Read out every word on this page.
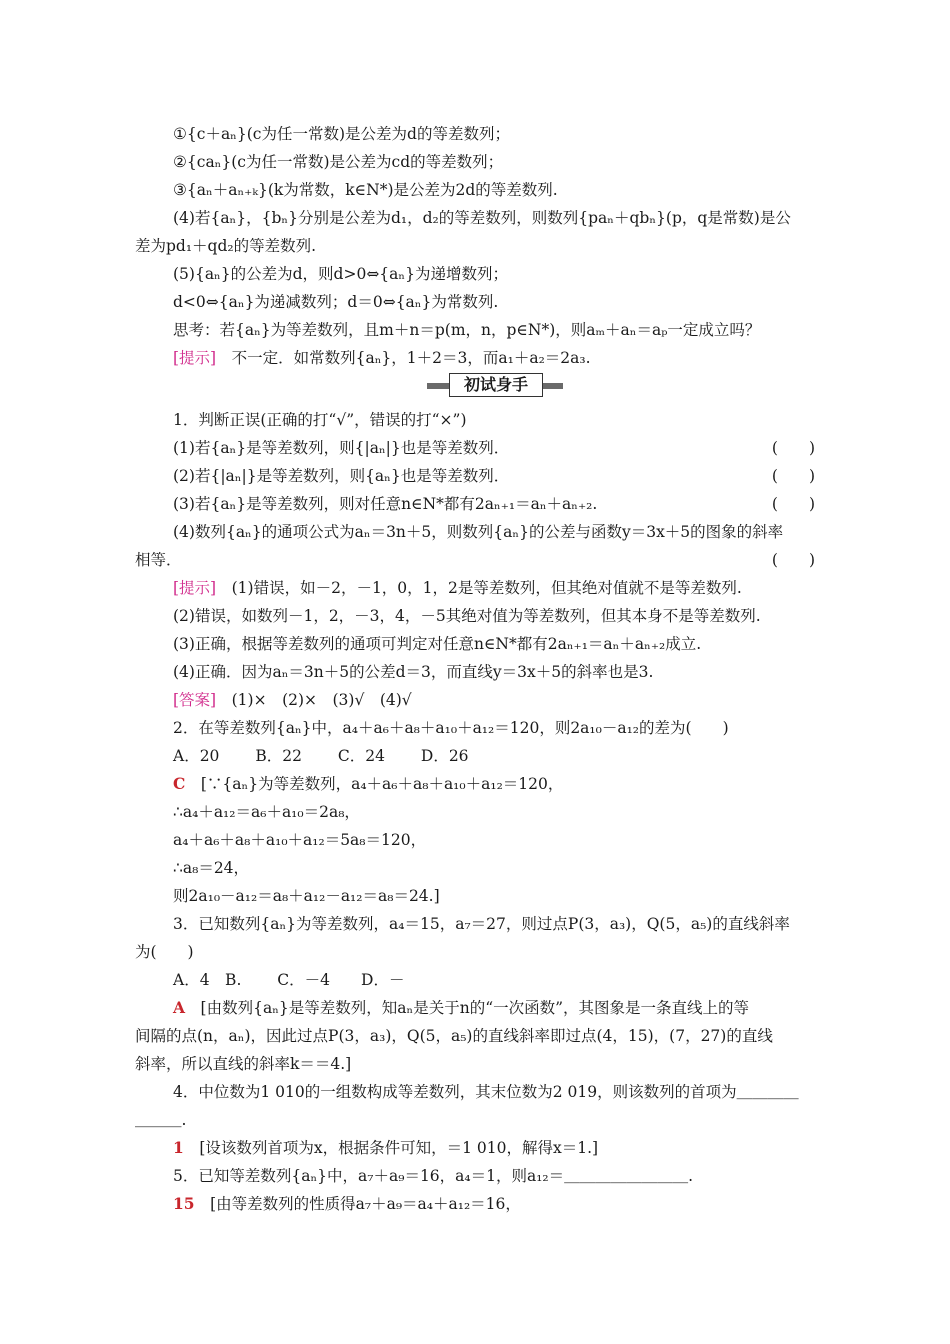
①{c＋aₙ}(c为任一常数)是公差为d的等差数列；
②{caₙ}(c为任一常数)是公差为cd的等差数列；
③{aₙ＋aₙ₊ₖ}(k为常数，k∈N*)是公差为2d的等差数列.
(4)若{aₙ}，{bₙ}分别是公差为d₁，d₂的等差数列，则数列{paₙ＋qbₙ}(p，q是常数)是公
差为pd₁＋qd₂的等差数列.
(5){aₙ}的公差为d，则d>0⇔{aₙ}为递增数列；
d<0⇔{aₙ}为递减数列；d＝0⇔{aₙ}为常数列.
思考：若{aₙ}为等差数列，且m＋n＝p(m，n，p∈N*)，则aₘ＋aₙ＝aₚ一定成立吗？
[提示]　 不一定．如常数列{aₙ}，1＋2＝3，而a₁＋a₂＝2a₃.
初试身手
1．判断正误(正确的打“√”，错误的打“×”)
(1)若{aₙ}是等差数列，则{|aₙ|}也是等差数列．	(　　)
(2)若{|aₙ|}是等差数列，则{aₙ}也是等差数列．	(　　)
(3)若{aₙ}是等差数列，则对任意n∈N*都有2aₙ₊₁＝aₙ＋aₙ₊₂.	(　　)
(4)数列{aₙ}的通项公式为aₙ＝3n＋5，则数列{aₙ}的公差与函数y＝3x＋5的图象的斜率
相等．	(　　)
[提示]　 (1)错误，如－2，－1，0，1，2是等差数列，但其绝对值就不是等差数列.
(2)错误，如数列－1，2，－3，4，－5其绝对值为等差数列，但其本身不是等差数列.
(3)正确，根据等差数列的通项可判定对任意n∈N*都有2aₙ₊₁＝aₙ＋aₙ₊₂成立.
(4)正确．因为aₙ＝3n＋5的公差d＝3，而直线y＝3x＋5的斜率也是3.
[答案]　 (1)×　(2)×　(3)√　(4)√
2．在等差数列{aₙ}中，a₄＋a₆＋a₈＋a₁₀＋a₁₂＝120，则2a₁₀－a₁₂的差为(　　)
A．20　　 B．22　　 C．24　　 D．26
C　 [∵{aₙ}为等差数列，a₄＋a₆＋a₈＋a₁₀＋a₁₂＝120，
∴a₄＋a₁₂＝a₆＋a₁₀＝2a₈，
a₄＋a₆＋a₈＋a₁₀＋a₁₂＝5a₈＝120，
∴a₈＝24，
则2a₁₀－a₁₂＝a₈＋a₁₂－a₁₂＝a₈＝24.]
3．已知数列{aₙ}为等差数列，a₄＝15，a₇＝27，则过点P(3，a₃)，Q(5，a₅)的直线斜率
为(　　)
A．4　B.　　 C．－4　　D．－
A　 [由数列{aₙ}是等差数列，知aₙ是关于n的“一次函数”，其图象是一条直线上的等
间隔的点(n，aₙ)，因此过点P(3，a₃)，Q(5，a₅)的直线斜率即过点(4，15)，(7，27)的直线
斜率，所以直线的斜率k＝＝4.]
4．中位数为1 010的一组数构成等差数列，其末位数为2 019，则该数列的首项为＿＿＿＿
＿＿＿.
1　 [设该数列首项为x，根据条件可知，＝1 010，解得x＝1.]
5．已知等差数列{aₙ}中，a₇＋a₉＝16，a₄＝1，则a₁₂＝＿＿＿＿＿＿＿＿.
15　 [由等差数列的性质得a₇＋a₉＝a₄＋a₁₂＝16，
